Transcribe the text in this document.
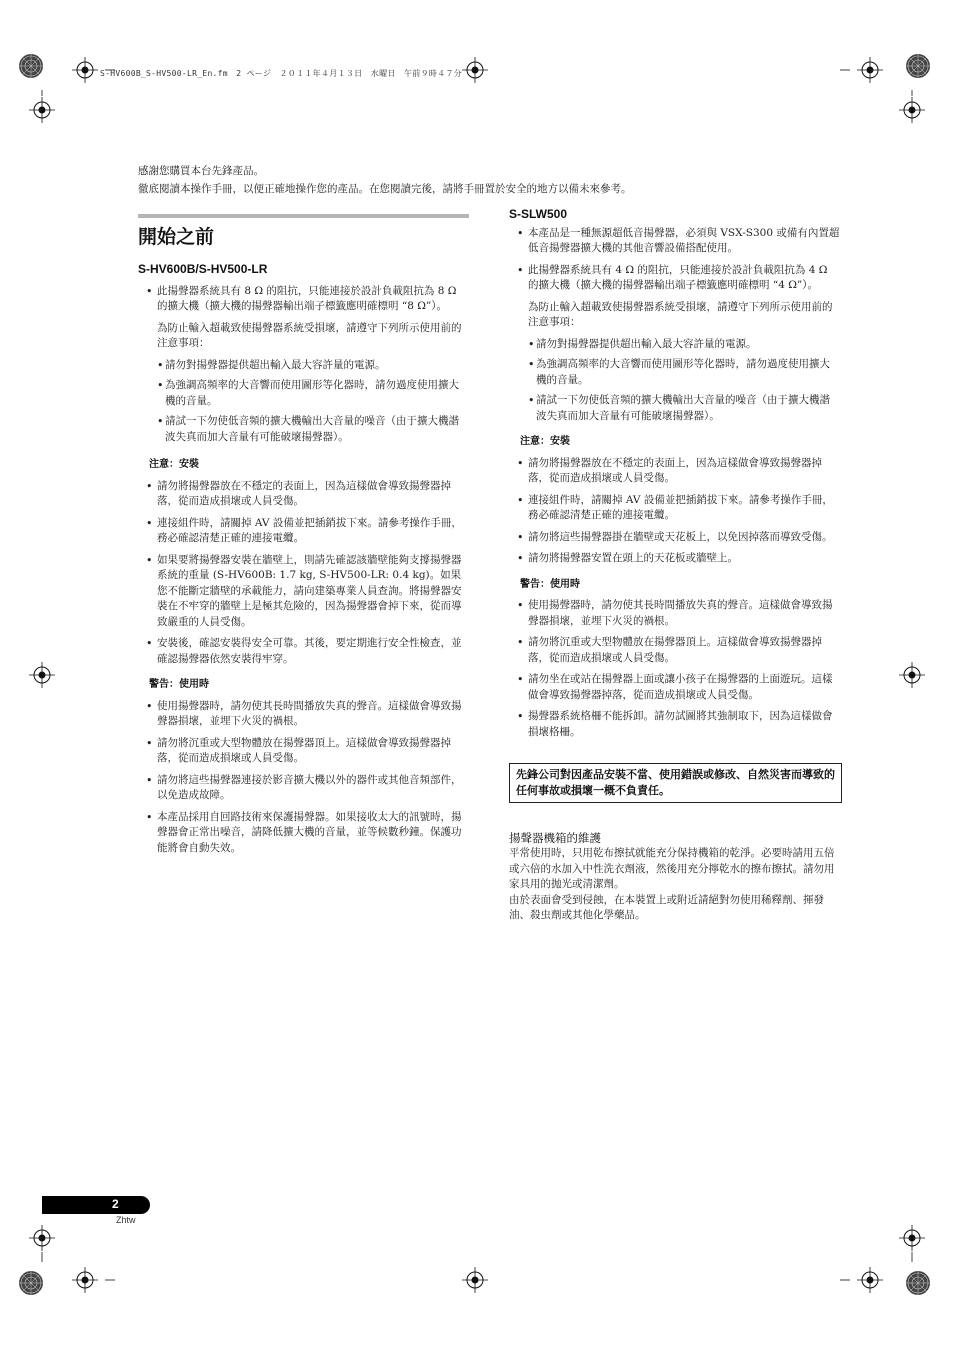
S-HV600B_S-HV500-LR_En.fm　2 ページ　２０１１年４月１３日　水曜日　午前９時４７分
感謝您購買本台先鋒產品。
徹底閱讀本操作手冊，以便正確地操作您的產品。在您閱讀完後，請將手冊置於安全的地方以備未來參考。
開始之前
S-HV600B/S-HV500-LR
• 此揚聲器系統具有 8 Ω 的阻抗，只能連接於設計負載阻抗為 8 Ω 的擴大機（擴大機的揚聲器輸出端子標籤應明確標明 “8 Ω”）。
為防止輸入超載致使揚聲器系統受損壞，請遵守下列所示使用前的注意事項：
• 請勿對揚聲器提供超出輸入最大容許量的電源。
• 為強調高頻率的大音響而使用圖形等化器時，請勿過度使用擴大機的音量。
• 請試一下勿使低音頻的擴大機輸出大音量的噪音（由于擴大機諧波失真而加大音量有可能破壞揚聲器）。
注意：安裝
• 請勿將揚聲器放在不穩定的表面上，因為這樣做會導致揚聲器掉落，從而造成損壞或人員受傷。
• 連接組件時，請關掉 AV 設備並把插銷拔下來。請參考操作手冊，務必確認清楚正確的連接電纜。
• 如果要將揚聲器安裝在牆壁上，則請先確認該牆壁能夠支撐揚聲器系統的重量 (S-HV600B: 1.7 kg, S-HV500-LR: 0.4 kg)。如果您不能斷定牆壁的承載能力，請向建築專業人員查詢。將揚聲器安裝在不牢穿的牆壁上是極其危險的，因為揚聲器會掉下來，從而導致嚴重的人員受傷。
• 安裝後，確認安裝得安全可靠。其後，要定期進行安全性檢查，並確認揚聲器依然安裝得牢穿。
警告：使用時
• 使用揚聲器時，請勿使其長時間播放失真的聲音。這樣做會導致揚聲器損壞，並埋下火災的禍根。
• 請勿將沉重或大型物體放在揚聲器頂上。這樣做會導致揚聲器掉落，從而造成損壞或人員受傷。
• 請勿將這些揚聲器連接於影音擴大機以外的器件或其他音頻部件，以免造成故障。
• 本產品採用自回路技術來保護揚聲器。如果接收太大的訊號時，揚聲器會正常出噪音，請降低擴大機的音量，並等候數秒鐘。保護功能將會自動失效。
S-SLW500
• 本產品是一種無源超低音揚聲器，必須與 VSX-S300 或備有內置超低音揚聲器擴大機的其他音響設備搭配使用。
• 此揚聲器系統具有 4 Ω 的阻抗，只能連接於設計負載阻抗為 4 Ω 的擴大機（擴大機的揚聲器輸出端子標籤應明確標明 “4 Ω”）。
為防止輸入超載致使揚聲器系統受損壞，請遵守下列所示使用前的注意事項：
• 請勿對揚聲器提供超出輸入最大容許量的電源。
• 為強調高頻率的大音響而使用圖形等化器時，請勿過度使用擴大機的音量。
• 請試一下勿使低音頻的擴大機輸出大音量的噪音（由于擴大機諧波失真而加大音量有可能破壞揚聲器）。
注意：安裝
• 請勿將揚聲器放在不穩定的表面上，因為這樣做會導致揚聲器掉落，從而造成損壞或人員受傷。
• 連接組件時，請關掉 AV 設備並把插銷拔下來。請參考操作手冊，務必確認清楚正確的連接電纜。
• 請勿將這些揚聲器掛在牆壁或天花板上，以免因掉落而導致受傷。
• 請勿將揚聲器安置在頭上的天花板或牆壁上。
警告：使用時
• 使用揚聲器時，請勿使其長時間播放失真的聲音。這樣做會導致揚聲器損壞，並埋下火災的禍根。
• 請勿將沉重或大型物體放在揚聲器頂上。這樣做會導致揚聲器掉落，從而造成損壞或人員受傷。
• 請勿坐在或站在揚聲器上面或讓小孩子在揚聲器的上面遊玩。這樣做會導致揚聲器掉落，從而造成損壞或人員受傷。
• 揚聲器系統格柵不能拆卸。請勿試圖將其強制取下，因為這樣做會損壞格柵。
先鋒公司對因產品安裝不當、使用錯誤或修改、自然災害而導致的任何事故或損壞一概不負責任。
揚聲器機箱的維護
平常使用時，只用乾布擦拭就能充分保持機箱的乾淨。必要時請用五倍或六倍的水加入中性洗衣劑液，然後用充分擰乾水的擦布擦拭。請勿用家具用的抛光或清潔劑。
由於表面會受到侵蝕，在本裝置上或附近請絕對勿使用稀釋劑、揮發油、殺虫劑或其他化學藥品。
2
Zhtw
